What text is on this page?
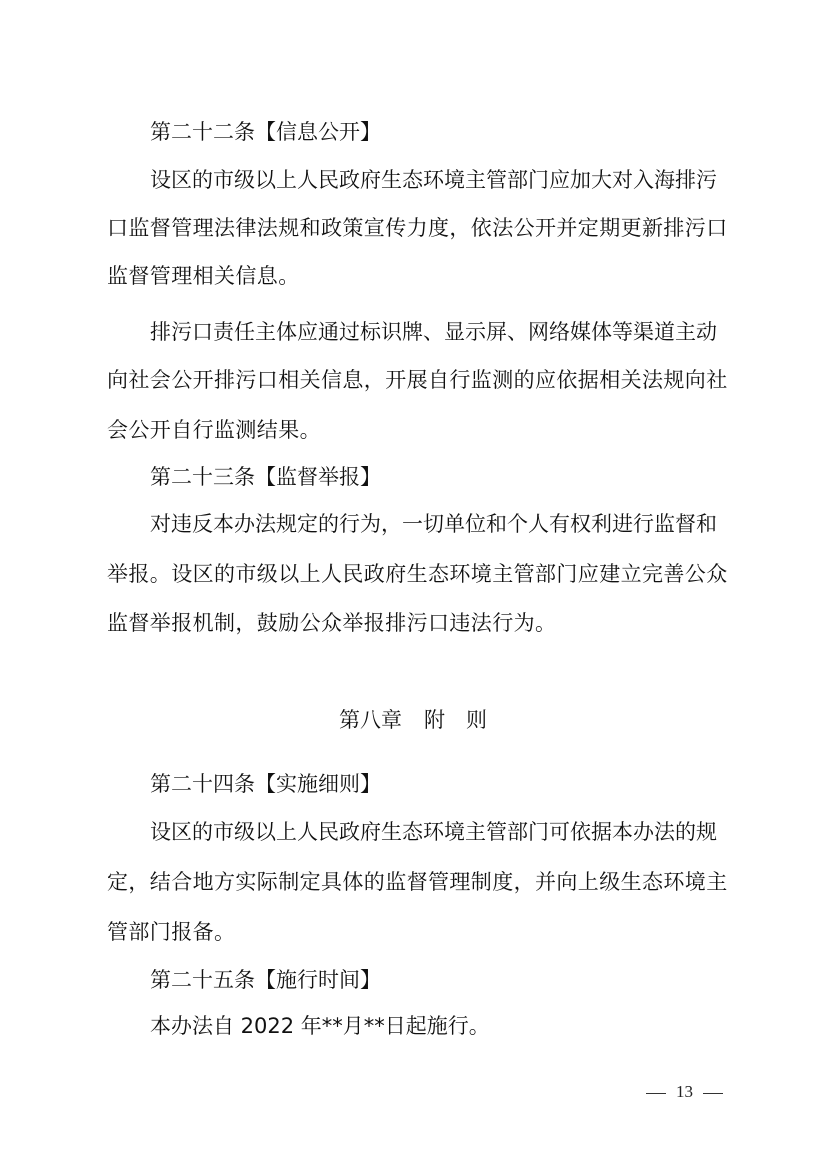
第二十二条【信息公开】
设区的市级以上人民政府生态环境主管部门应加大对入海排污
口监督管理法律法规和政策宣传力度，依法公开并定期更新排污口
监督管理相关信息。
排污口责任主体应通过标识牌、显示屏、网络媒体等渠道主动
向社会公开排污口相关信息，开展自行监测的应依据相关法规向社
会公开自行监测结果。
第二十三条【监督举报】
对违反本办法规定的行为，一切单位和个人有权利进行监督和
举报。设区的市级以上人民政府生态环境主管部门应建立完善公众
监督举报机制，鼓励公众举报排污口违法行为。
第八章 附　则
第二十四条【实施细则】
设区的市级以上人民政府生态环境主管部门可依据本办法的规
定，结合地方实际制定具体的监督管理制度，并向上级生态环境主
管部门报备。
第二十五条【施行时间】
本办法自 2022 年**月**日起施行。
13
